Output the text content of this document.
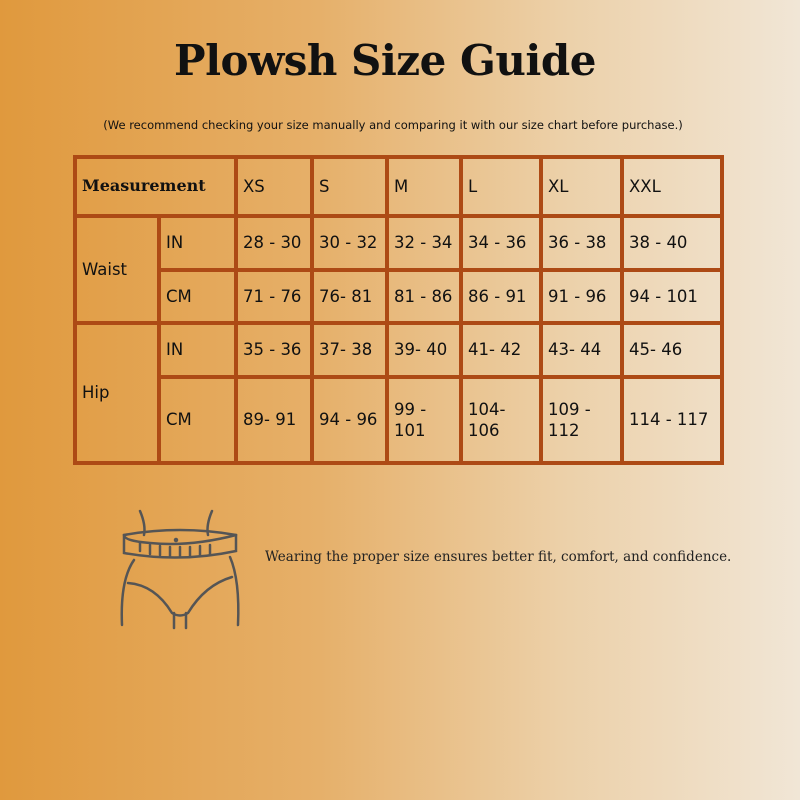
Plowsh Size Guide
(We recommend checking your size manually and comparing it with our size chart before purchase.)
Measurement		XS	S	M	L	XL	XXL
Waist	IN	28 - 30	30 - 32	32 - 34	34 - 36	36 - 38	38 - 40
	CM	71 - 76	76- 81	81 - 86	86 - 91	91 - 96	94 - 101
Hip	IN	35 - 36	37- 38	39- 40	41- 42	43- 44	45- 46
	CM	89- 91	94 - 96	99 - 101	104-106	109 - 112	114 - 117
Wearing the proper size ensures better fit, comfort, and confidence.
